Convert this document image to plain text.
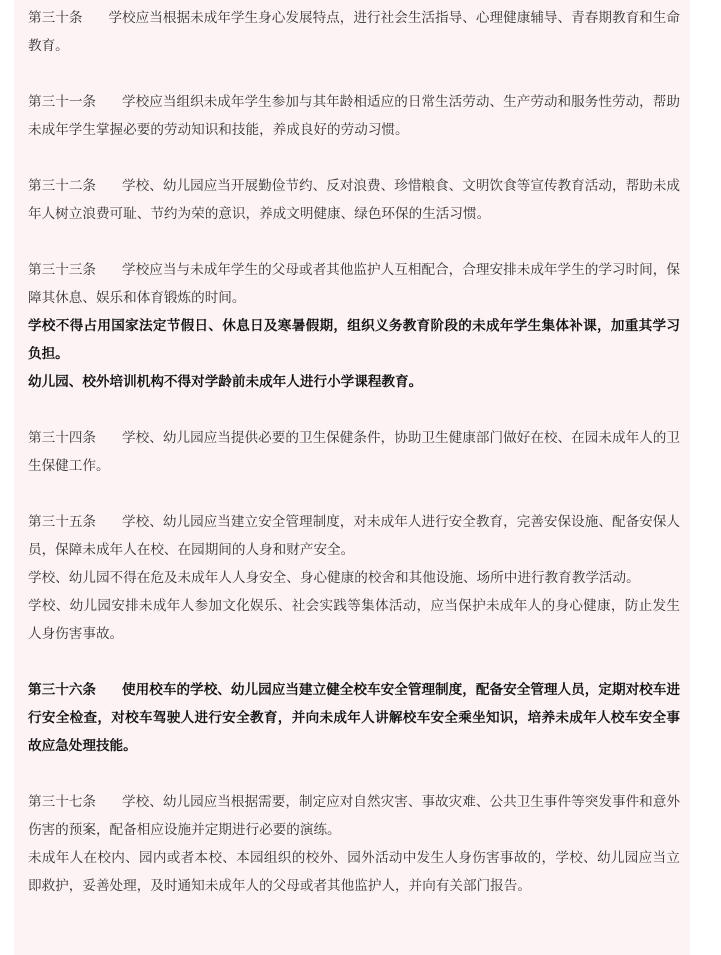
第三十条 学校应当根据未成年学生身心发展特点，进行社会生活指导、心理健康辅导、青春期教育和生命教育。

第三十一条 学校应当组织未成年学生参加与其年龄相适应的日常生活劳动、生产劳动和服务性劳动，帮助未成年学生掌握必要的劳动知识和技能，养成良好的劳动习惯。

第三十二条 学校、幼儿园应当开展勤俭节约、反对浪费、珍惜粮食、文明饮食等宣传教育活动，帮助未成年人树立浪费可耻、节约为荣的意识，养成文明健康、绿色环保的生活习惯。

第三十三条 学校应当与未成年学生的父母或者其他监护人互相配合，合理安排未成年学生的学习时间，保障其休息、娱乐和体育锻炼的时间。

学校不得占用国家法定节假日、休息日及寒暑假期，组织义务教育阶段的未成年学生集体补课，加重其学习负担。

幼儿园、校外培训机构不得对学龄前未成年人进行小学课程教育。

第三十四条 学校、幼儿园应当提供必要的卫生保健条件，协助卫生健康部门做好在校、在园未成年人的卫生保健工作。

第三十五条 学校、幼儿园应当建立安全管理制度，对未成年人进行安全教育，完善安保设施、配备安保人员，保障未成年人在校、在园期间的人身和财产安全。

学校、幼儿园不得在危及未成年人人身安全、身心健康的校舍和其他设施、场所中进行教育教学活动。

学校、幼儿园安排未成年人参加文化娱乐、社会实践等集体活动，应当保护未成年人的身心健康，防止发生人身伤害事故。

第三十六条 使用校车的学校、幼儿园应当建立健全校车安全管理制度，配备安全管理人员，定期对校车进行安全检查，对校车驾驶人进行安全教育，并向未成年人讲解校车安全乘坐知识，培养未成年人校车安全事故应急处理技能。

第三十七条 学校、幼儿园应当根据需要，制定应对自然灾害、事故灾难、公共卫生事件等突发事件和意外伤害的预案，配备相应设施并定期进行必要的演练。

未成年人在校内、园内或者本校、本园组织的校外、园外活动中发生人身伤害事故的，学校、幼儿园应当立即救护，妥善处理，及时通知未成年人的父母或者其他监护人，并向有关部门报告。
